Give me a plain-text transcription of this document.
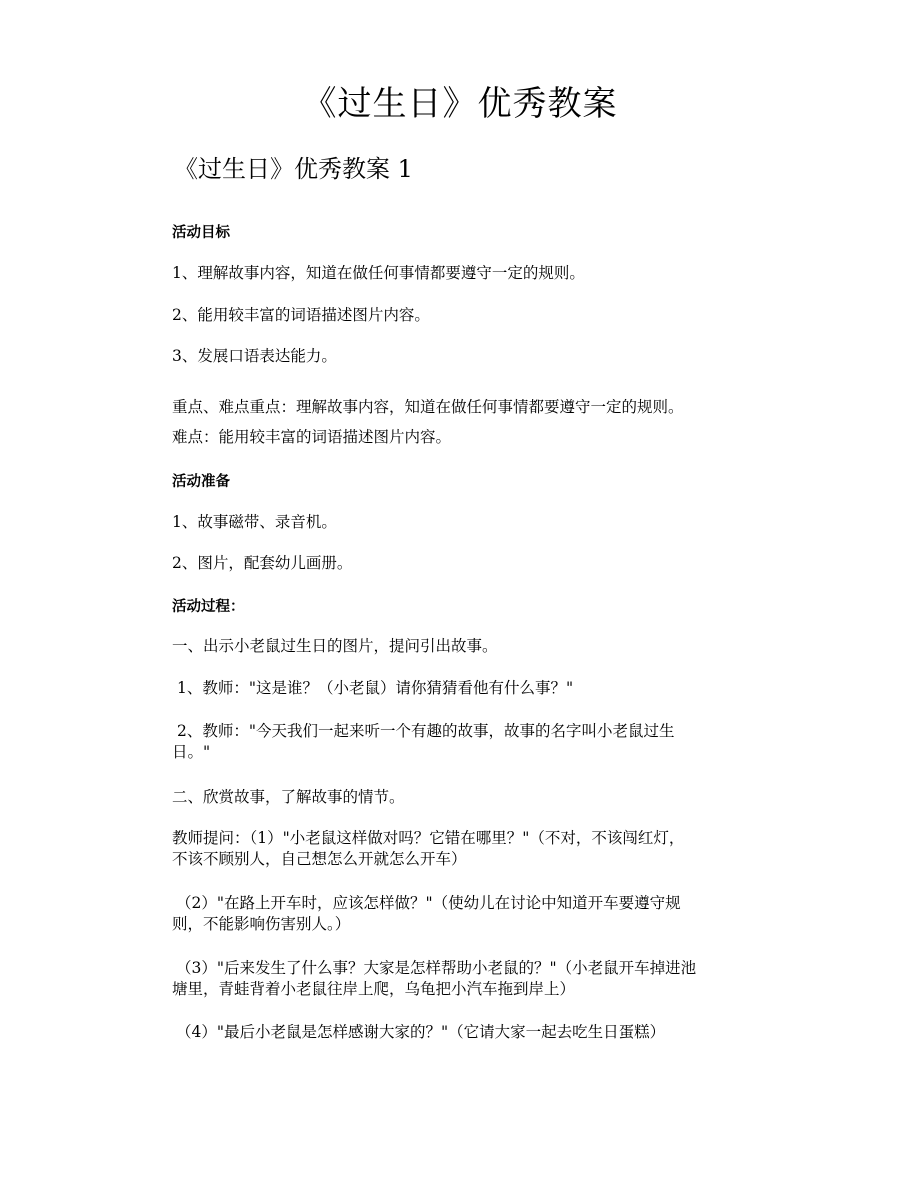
《过生日》优秀教案
《过生日》优秀教案 1
活动目标
1、理解故事内容，知道在做任何事情都要遵守一定的规则。
2、能用较丰富的词语描述图片内容。
3、发展口语表达能力。
重点、难点重点：理解故事内容，知道在做任何事情都要遵守一定的规则。
难点：能用较丰富的词语描述图片内容。
活动准备
1、故事磁带、录音机。
2、图片，配套幼儿画册。
活动过程：
一、出示小老鼠过生日的图片，提问引出故事。
1、教师："这是谁？（小老鼠）请你猜猜看他有什么事？"
2、教师："今天我们一起来听一个有趣的故事，故事的名字叫小老鼠过生
日。"
二、欣赏故事，了解故事的情节。
教师提问：（1）"小老鼠这样做对吗？它错在哪里？"（不对，不该闯红灯，
不该不顾别人，自己想怎么开就怎么开车）
（2）"在路上开车时，应该怎样做？"（使幼儿在讨论中知道开车要遵守规
则，不能影响伤害别人。）
（3）"后来发生了什么事？大家是怎样帮助小老鼠的？"（小老鼠开车掉进池
塘里，青蛙背着小老鼠往岸上爬，乌龟把小汽车拖到岸上）
（4）"最后小老鼠是怎样感谢大家的？"（它请大家一起去吃生日蛋糕）
